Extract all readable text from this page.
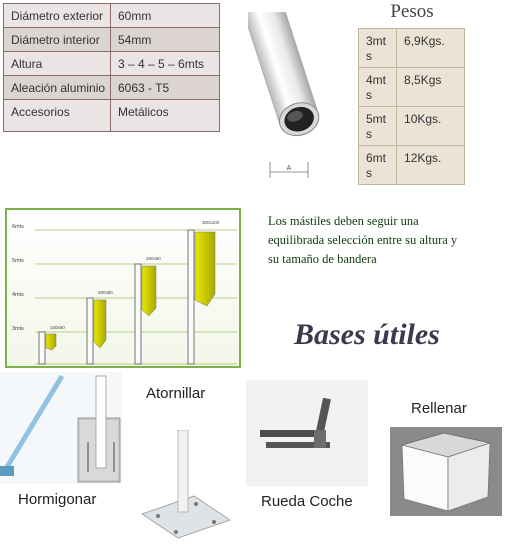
Diámetro exterior	60mm
Diámetro interior	54mm
Altura	3 – 4 – 5 – 6mts
Aleación aluminio	6063 - T5
Accesorios	Metálicos
A
Pesos
3mt s	6,9Kgs.
4mt s	8,5Kgs
5mt s	10Kgs.
6mt s	12Kgs.
6mts
5mts
4mts
3mts	100x60
200x80
250x90
300x100	Los mástiles deben seguir una equilibrada selección entre su altura y su tamaño de bandera
Bases útiles
Hormigonar
Atornillar
Rueda Coche
Rellenar
